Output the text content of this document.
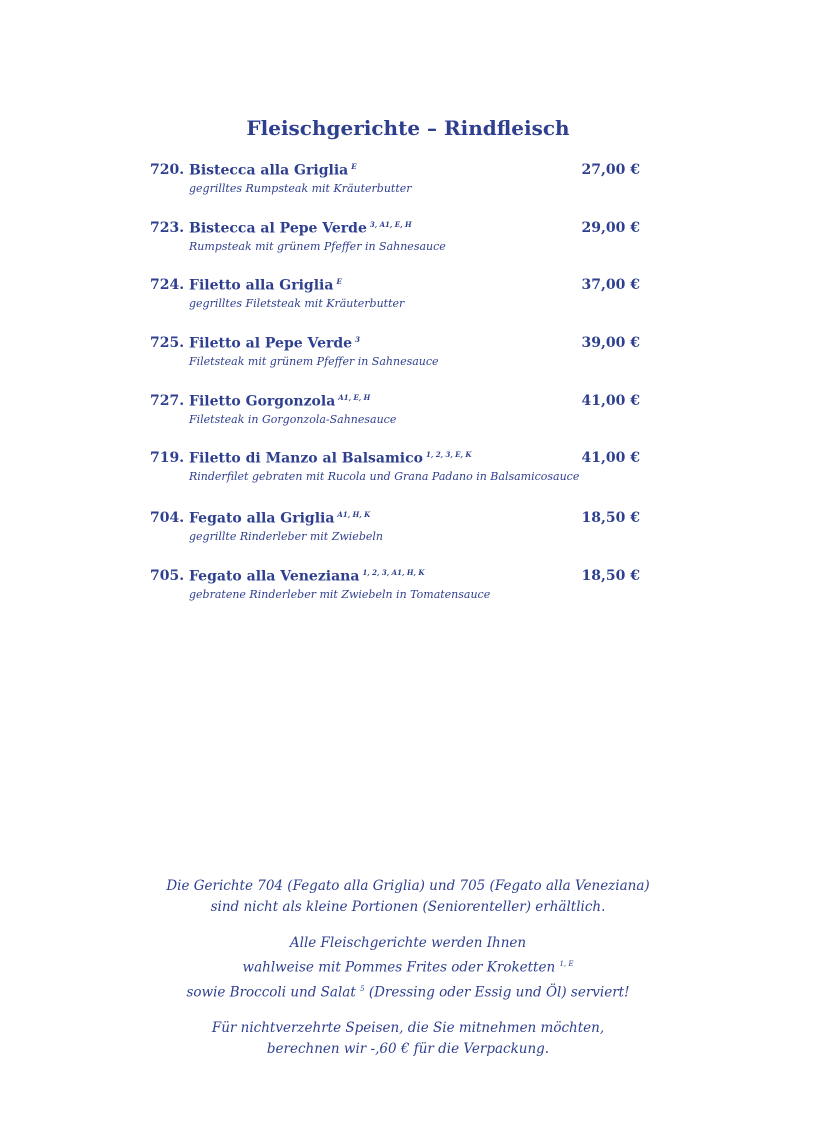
Fleischgerichte – Rindfleisch
720. Bistecca alla Griglia $^E$	27,00 €
gegrilltes Rumpsteak mit Kräuterbutter
723. Bistecca al Pepe Verde $^{3, A1, E, H}$	29,00 €
Rumpsteak mit grünem Pfeffer in Sahnesauce
724. Filetto alla Griglia $^E$	37,00 €
gegrilltes Filetsteak mit Kräuterbutter
725. Filetto al Pepe Verde $^3$	39,00 €
Filetsteak mit grünem Pfeffer in Sahnesauce
727. Filetto Gorgonzola $^{A1, E, H}$	41,00 €
Filetsteak in Gorgonzola-Sahnesauce
719. Filetto di Manzo al Balsamico $^{1, 2, 3, E, K}$	41,00 €
Rinderfilet gebraten mit Rucola und Grana Padano in Balsamicosauce
704. Fegato alla Griglia $^{A1, H, K}$	18,50 €
gegrillte Rinderleber mit Zwiebeln
705. Fegato alla Veneziana $^{1, 2, 3, A1, H, K}$	18,50 €
gebratene Rinderleber mit Zwiebeln in Tomatensauce

Die Gerichte 704 (Fegato alla Griglia) und 705 (Fegato alla Veneziana)
sind nicht als kleine Portionen (Seniorenteller) erhältlich.

Alle Fleischgerichte werden Ihnen
wahlweise mit Pommes Frites oder Kroketten $^{1, E}$
sowie Broccoli und Salat $^5$ (Dressing oder Essig und Öl) serviert!

Für nichtverzehrte Speisen, die Sie mitnehmen möchten,
berechnen wir -,60 € für die Verpackung.
